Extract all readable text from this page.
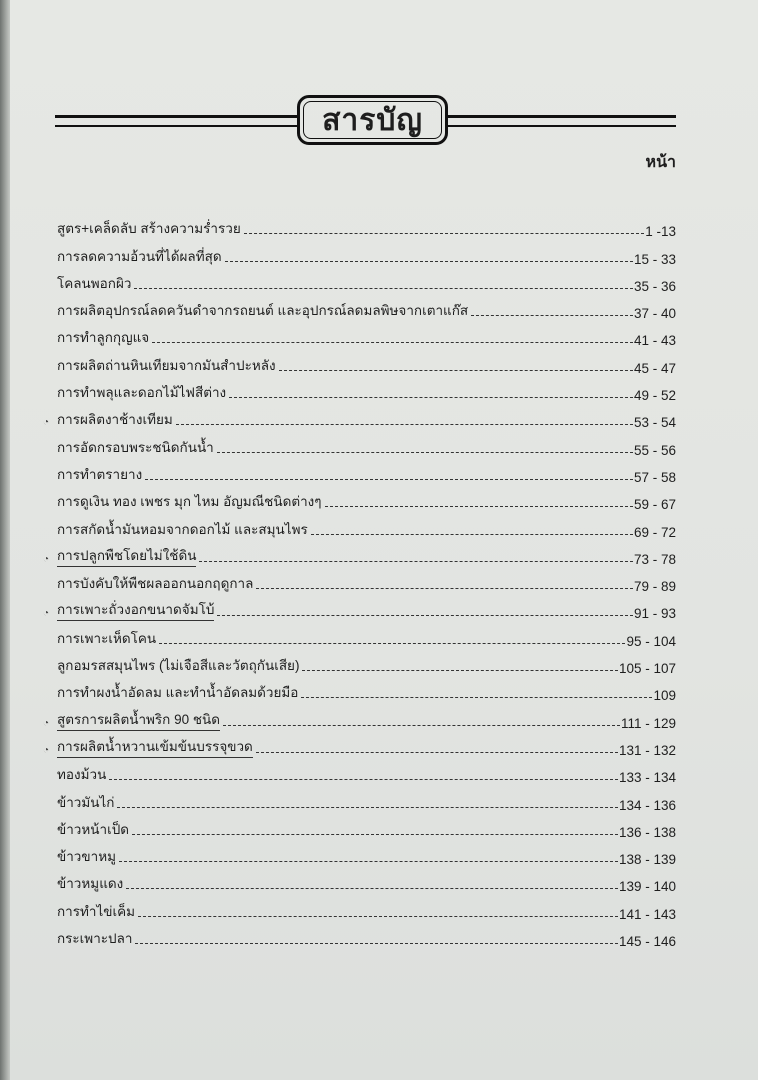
สารบัญ
หน้า
สูตร+เคล็ดลับ สร้างความร่ำรวย	1 -13
การลดความอ้วนที่ได้ผลที่สุด	15 - 33
โคลนพอกผิว	35 - 36
การผลิตอุปกรณ์ลดควันดำจากรถยนต์ และอุปกรณ์ลดมลพิษจากเตาแก๊ส	37 - 40
การทำลูกกุญแจ	41 - 43
การผลิตถ่านหินเทียมจากมันสำปะหลัง	45 - 47
การทำพลุและดอกไม้ไฟสีต่าง	49 - 52
◔ การผลิตงาช้างเทียม	53 - 54
การอัดกรอบพระชนิดกันน้ำ	55 - 56
การทำตรายาง	57 - 58
การดูเงิน ทอง เพชร มุก ไหม อัญมณีชนิดต่างๆ	59 - 67
การสกัดน้ำมันหอมจากดอกไม้ และสมุนไพร	69 - 72
◔ การปลูกพืชโดยไม่ใช้ดิน	73 - 78
การบังคับให้พืชผลออกนอกฤดูกาล	79 - 89
◔ การเพาะถั่วงอกขนาดจัมโบ้	91 - 93
การเพาะเห็ดโคน	95 - 104
ลูกอมรสสมุนไพร (ไม่เจือสีและวัตถุกันเสีย)	105 - 107
การทำผงน้ำอัดลม และทำน้ำอัดลมด้วยมือ	109
◔ สูตรการผลิตน้ำพริก 90 ชนิด	111 - 129
◔ การผลิตน้ำหวานเข้มข้นบรรจุขวด	131 - 132
ทองม้วน	133 - 134
ข้าวมันไก่	134 - 136
ข้าวหน้าเป็ด	136 - 138
ข้าวขาหมู	138 - 139
ข้าวหมูแดง	139 - 140
การทำไข่เค็ม	141 - 143
กระเพาะปลา	145 - 146
